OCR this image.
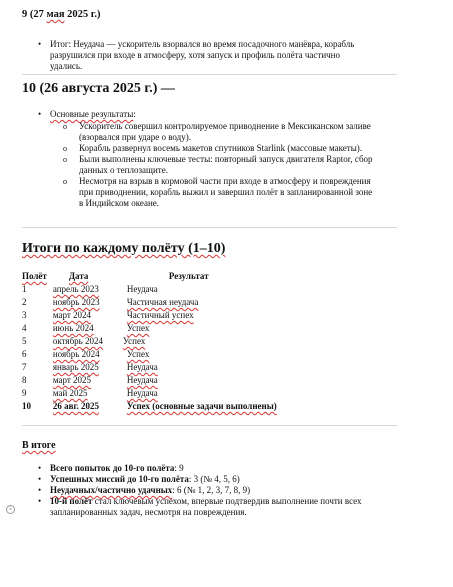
9 (27 мая 2025 г.)
• Итог: Неудача — ускоритель взорвался во время посадочного манёвра, корабль
разрушился при входе в атмосферу, хотя запуск и профиль полёта частично
удались.
10 (26 августа 2025 г.) —
• Основные результаты:
o Ускоритель совершил контролируемое приводнение в Мексиканском заливе
(взорвался при ударе о воду).
o Корабль развернул восемь макетов спутников Starlink (массовые макеты).
o Были выполнены ключевые тесты: повторный запуск двигателя Raptor, сбор
данных о теплозащите.
o Несмотря на взрыв в кормовой части при входе в атмосферу и повреждения
при приводнении, корабль выжил и завершил полёт в запланированной зоне
в Индийском океане.
Итоги по каждому полёту (1–10)
Полёт	Дата	Результат
1	апрель 2023	Неудача
2	ноябрь 2023	Частичная неудача
3	март 2024	Частичный успех
4	июнь 2024	Успех
5	октябрь 2024	Успех
6	ноябрь 2024	Успех
7	январь 2025	Неудача
8	март 2025	Неудача
9	май 2025	Неудача
10	26 авг. 2025	Успех (основные задачи выполнены)
В итоге
• Всего попыток до 10-го полёта: 9
• Успешных миссий до 10-го полёта: 3 (№ 4, 5, 6)
• Неудачных/частично удачных: 6 (№ 1, 2, 3, 7, 8, 9)
• 10-й полёт стал ключевым успехом, впервые подтвердив выполнение почти всех
запланированных задач, несмотря на повреждения.
⏚
